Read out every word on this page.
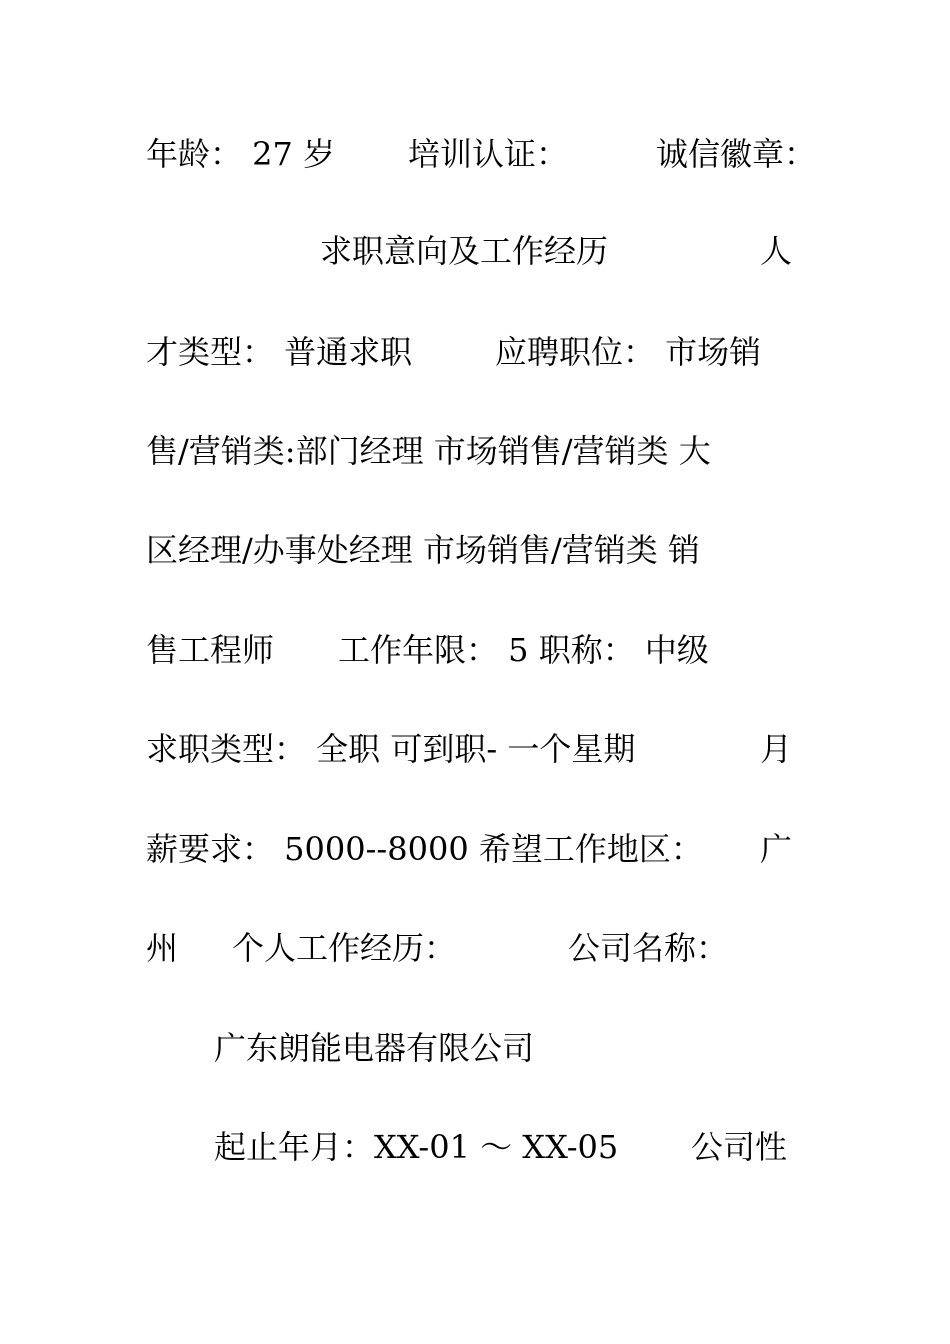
年龄： 27 岁

培训认证：

	诚信徽章：

求职意向及工作经历

	人

才类型： 普通求职

	应聘职位： 市场销

售/营销类:部门经理 市场销售/营销类 大

区经理/办事处经理 市场销售/营销类 销

售工程师

工作年限： 5 职称： 中级

求职类型： 全职 可到职- 一个星期

	月

薪要求： 5000--8000 希望工作地区：

广

州

个人工作经历：

	公司名称：

广东朗能电器有限公司

起止年月：XX-01 ～ XX-05

公司性
